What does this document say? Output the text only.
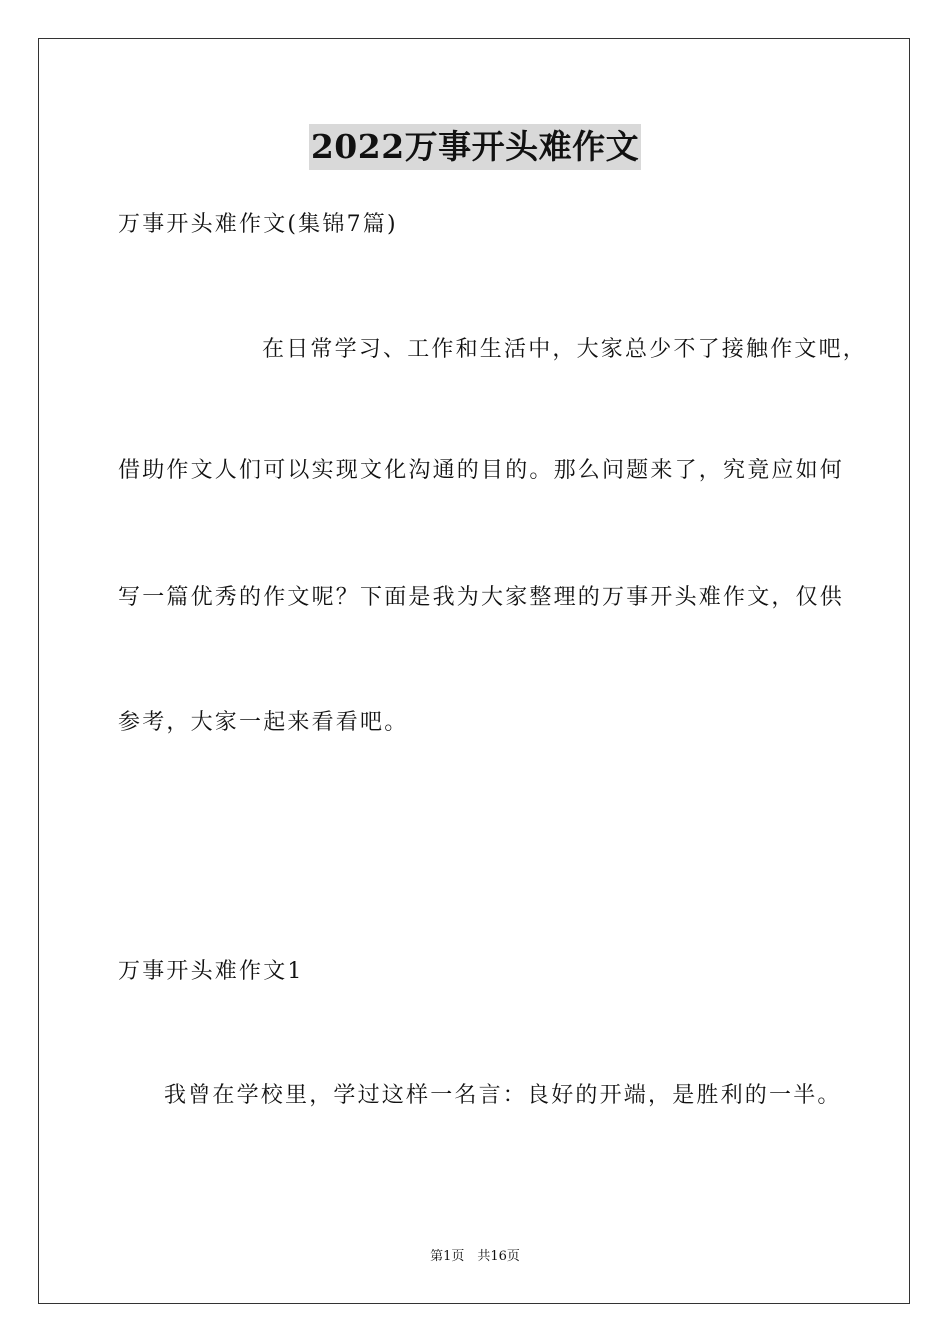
2022万事开头难作文
万事开头难作文(集锦7篇)
在日常学习、工作和生活中，大家总少不了接触作文吧，
借助作文人们可以实现文化沟通的目的。那么问题来了，究竟应如何
写一篇优秀的作文呢？下面是我为大家整理的万事开头难作文，仅供
参考，大家一起来看看吧。
万事开头难作文1
我曾在学校里，学过这样一名言：良好的开端，是胜利的一半。
第1页　共16页
